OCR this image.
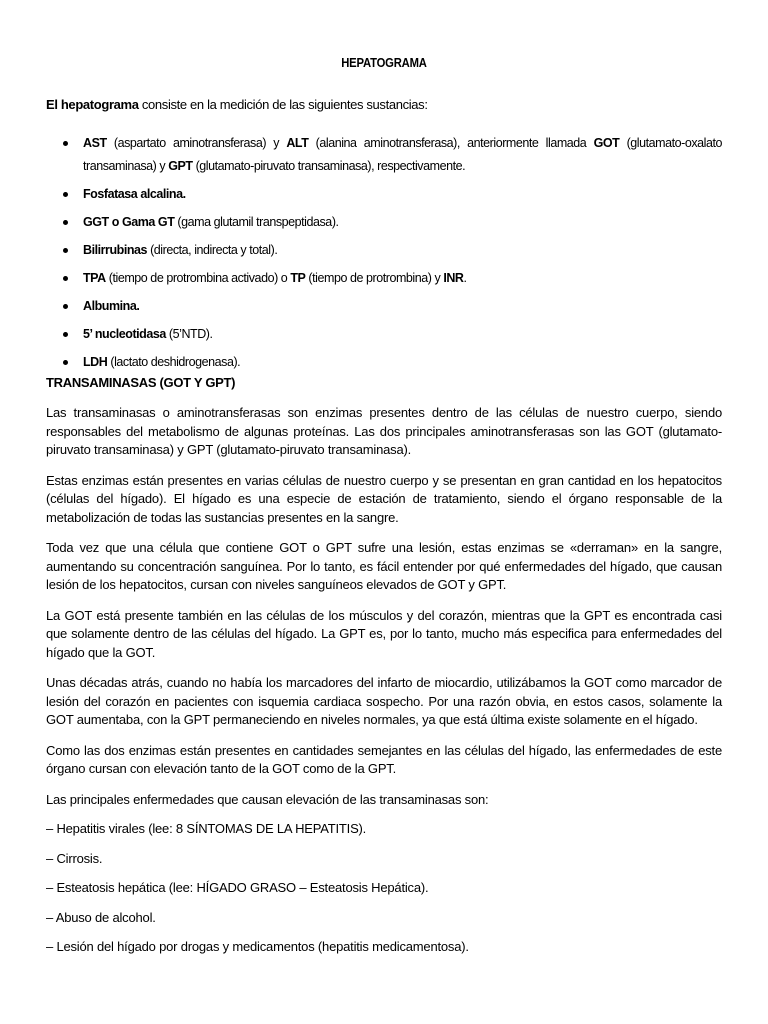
HEPATOGRAMA
El hepatograma consiste en la medición de las siguientes sustancias:
AST (aspartato aminotransferasa) y ALT (alanina aminotransferasa), anteriormente llamada GOT (glutamato-oxalato transaminasa) y GPT (glutamato-piruvato transaminasa), respectivamente.
Fosfatasa alcalina.
GGT o Gama GT (gama glutamil transpeptidasa).
Bilirrubinas (directa, indirecta y total).
TPA (tiempo de protrombina activado) o TP (tiempo de protrombina) y INR.
Albumina.
5’ nucleotidasa (5’NTD).
LDH (lactato deshidrogenasa).
TRANSAMINASAS (GOT Y GPT)

Las transaminasas o aminotransferasas son enzimas presentes dentro de las células de nuestro cuerpo, siendo responsables del metabolismo de algunas proteínas. Las dos principales aminotransferasas son las GOT (glutamato-piruvato transaminasa) y GPT (glutamato-piruvato transaminasa).

Estas enzimas están presentes en varias células de nuestro cuerpo y se presentan en gran cantidad en los hepatocitos (células del hígado). El hígado es una especie de estación de tratamiento, siendo el órgano responsable de la metabolización de todas las sustancias presentes en la sangre.

Toda vez que una célula que contiene GOT o GPT sufre una lesión, estas enzimas se «derraman» en la sangre, aumentando su concentración sanguínea. Por lo tanto, es fácil entender por qué enfermedades del hígado, que causan lesión de los hepatocitos, cursan con niveles sanguíneos elevados de GOT y GPT.

La GOT está presente también en las células de los músculos y del corazón, mientras que la GPT es encontrada casi que solamente dentro de las células del hígado. La GPT es, por lo tanto, mucho más especifica para enfermedades del hígado que la GOT.

Unas décadas atrás, cuando no había los marcadores del infarto de miocardio, utilizábamos la GOT como marcador de lesión del corazón en pacientes con isquemia cardiaca sospecho. Por una razón obvia, en estos casos, solamente la GOT aumentaba, con la GPT permaneciendo en niveles normales, ya que está última existe solamente en el hígado.

Como las dos enzimas están presentes en cantidades semejantes en las células del hígado, las enfermedades de este órgano cursan con elevación tanto de la GOT como de la GPT.

Las principales enfermedades que causan elevación de las transaminasas son:

– Hepatitis virales (lee: 8 SÍNTOMAS DE LA HEPATITIS).

– Cirrosis.

– Esteatosis hepática (lee: HÍGADO GRASO – Esteatosis Hepática).

– Abuso de alcohol.

– Lesión del hígado por drogas y medicamentos (hepatitis medicamentosa).
